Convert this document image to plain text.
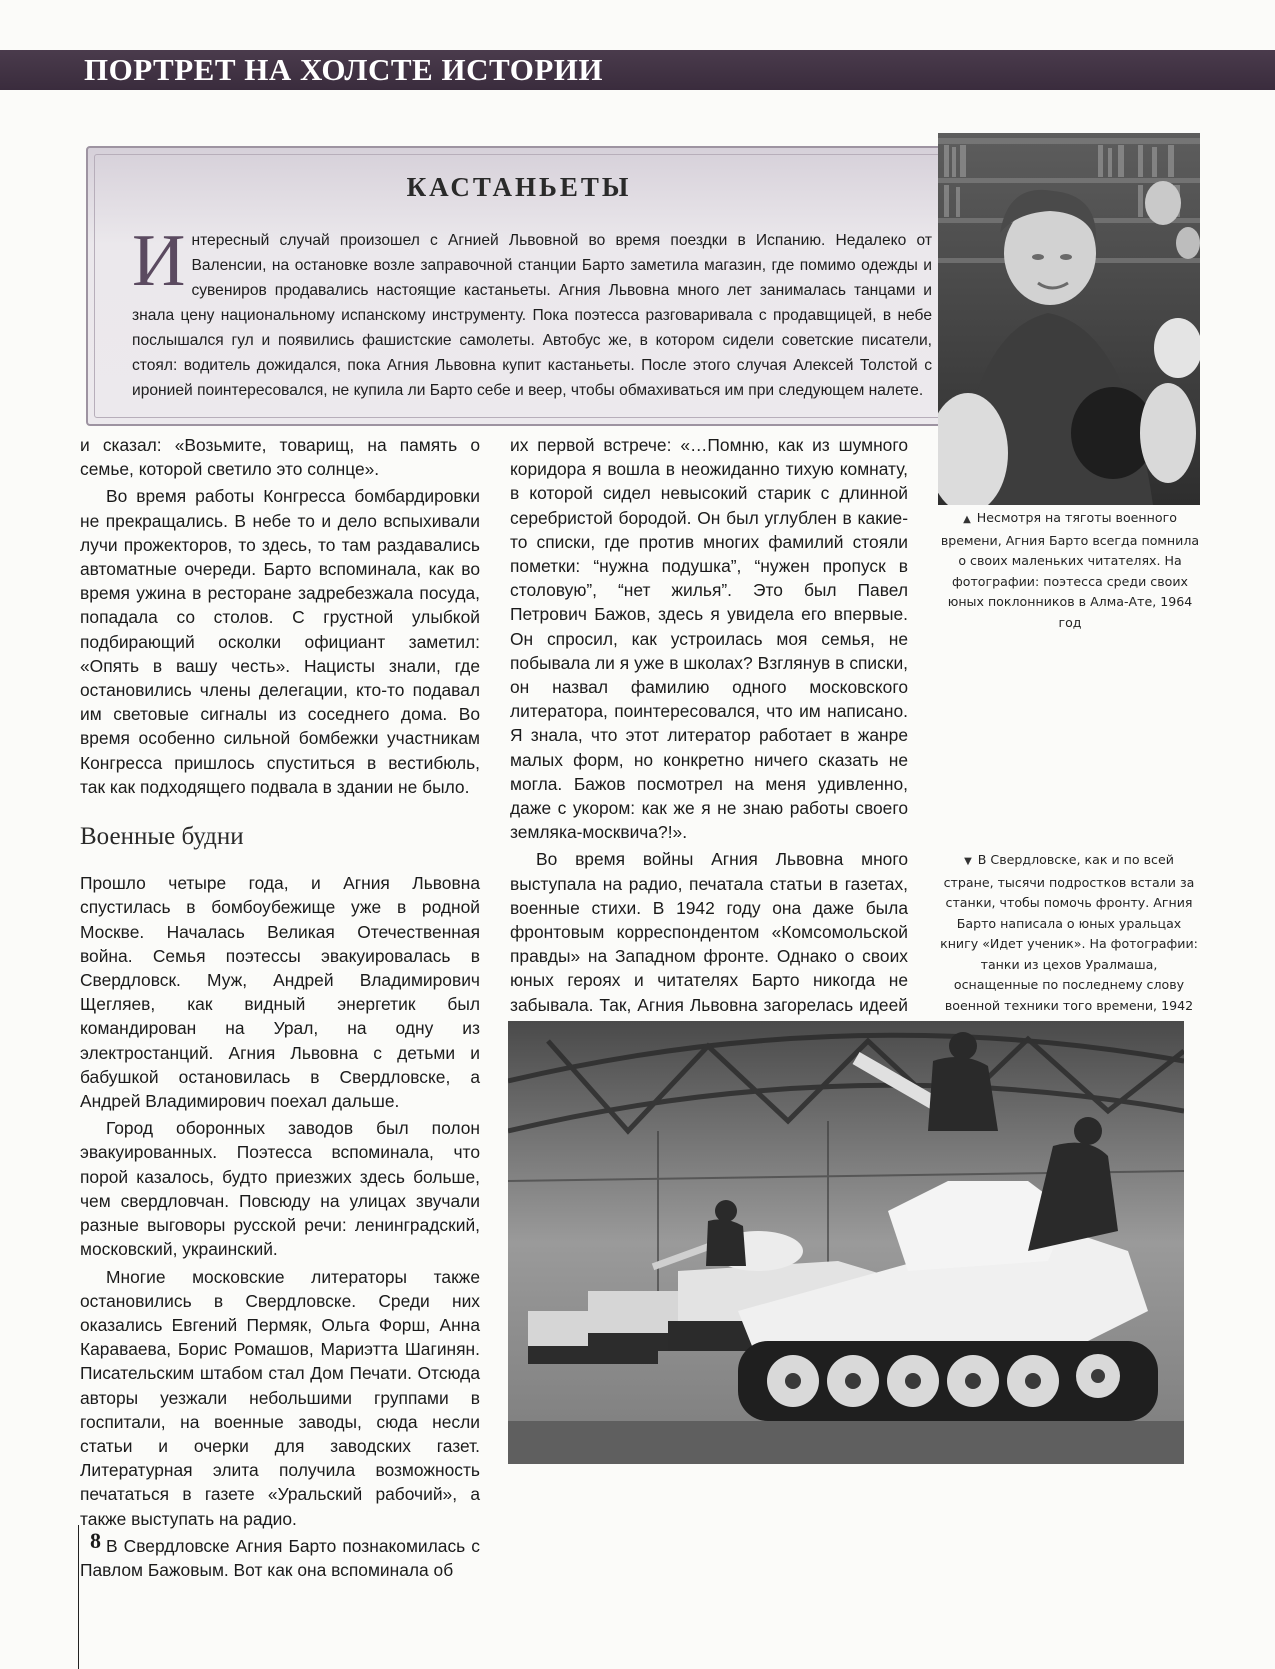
ПОРТРЕТ НА ХОЛСТЕ ИСТОРИИ
КАСТАНЬЕТЫ
Интересный случай произошел с Агнией Львовной во время поездки в Испанию. Недалеко от Валенсии, на остановке возле заправочной станции Барто заметила магазин, где помимо одежды и сувениров продавались настоящие кастаньеты. Агния Львовна много лет занималась танцами и знала цену национальному испанскому инструменту. Пока поэтесса разговаривала с продавщицей, в небе послышался гул и появились фашистские самолеты. Автобус же, в котором сидели советские писатели, стоял: водитель дожидался, пока Агния Львовна купит кастаньеты. После этого случая Алексей Толстой с иронией поинтересовался, не купила ли Барто себе и веер, чтобы обмахиваться им при следующем налете.
▲ Несмотря на тяготы военного времени, Агния Барто всегда помнила о своих маленьких читателях. На фотографии: поэтесса среди своих юных поклонников в Алма-Ате, 1964 год

и сказал: «Возьмите, товарищ, на память о семье, которой светило это солнце».

Во время работы Конгресса бомбардировки не прекращались. В небе то и дело вспыхивали лучи прожекторов, то здесь, то там раздавались автоматные очереди. Барто вспоминала, как во время ужина в ресторане задребезжала посуда, попадала со столов. С грустной улыбкой подбирающий осколки официант заметил: «Опять в вашу честь». Нацисты знали, где остановились члены делегации, кто-то подавал им световые сигналы из соседнего дома. Во время особенно сильной бомбежки участникам Конгресса пришлось спуститься в вестибюль, так как подходящего подвала в здании не было.

Военные будни

Прошло четыре года, и Агния Львовна спустилась в бомбоубежище уже в родной Москве. Началась Великая Отечественная война. Семья поэтессы эвакуировалась в Свердловск. Муж, Андрей Владимирович Щегляев, как видный энергетик был командирован на Урал, на одну из электростанций. Агния Львовна с детьми и бабушкой остановилась в Свердловске, а Андрей Владимирович поехал дальше.

Город оборонных заводов был полон эвакуированных. Поэтесса вспоминала, что порой казалось, будто приезжих здесь больше, чем свердловчан. Повсюду на улицах звучали разные выговоры русской речи: ленинградский, московский, украинский.

Многие московские литераторы также остановились в Свердловске. Среди них оказались Евгений Пермяк, Ольга Форш, Анна Караваева, Борис Ромашов, Мариэтта Шагинян. Писательским штабом стал Дом Печати. Отсюда авторы уезжали небольшими группами в госпитали, на военные заводы, сюда несли статьи и очерки для заводских газет. Литературная элита получила возможность печататься в газете «Уральский рабочий», а также выступать на радио.

В Свердловске Агния Барто познакомилась с Павлом Бажовым. Вот как она вспоминала об

их первой встрече: «…Помню, как из шумного коридора я вошла в неожиданно тихую комнату, в которой сидел невысокий старик с длинной серебристой бородой. Он был углублен в какие-то списки, где против многих фамилий стояли пометки: “нужна подушка”, “нужен пропуск в столовую”, “нет жилья”. Это был Павел Петрович Бажов, здесь я увидела его впервые. Он спросил, как устроилась моя семья, не побывала ли я уже в школах? Взглянув в списки, он назвал фамилию одного московского литератора, поинтересовался, что им написано. Я знала, что этот литератор работает в жанре малых форм, но конкретно ничего сказать не могла. Бажов посмотрел на меня удивленно, даже с укором: как же я не знаю работы своего земляка-москвича?!».

Во время войны Агния Львовна много выступала на радио, печатала статьи в газетах, военные стихи. В 1942 году она даже была фронтовым корреспондентом «Комсомольской правды» на Западном фронте. Однако о своих юных героях и читателях Барто никогда не забывала. Так, Агния Львовна загорелась идеей

▼ В Свердловске, как и по всей стране, тысячи подростков встали за станки, чтобы помочь фронту. Агния Барто написала о юных уральцах книгу «Идет ученик». На фотографии: танки из цехов Уралмаша, оснащенные по последнему слову военной техники того времени, 1942
8
